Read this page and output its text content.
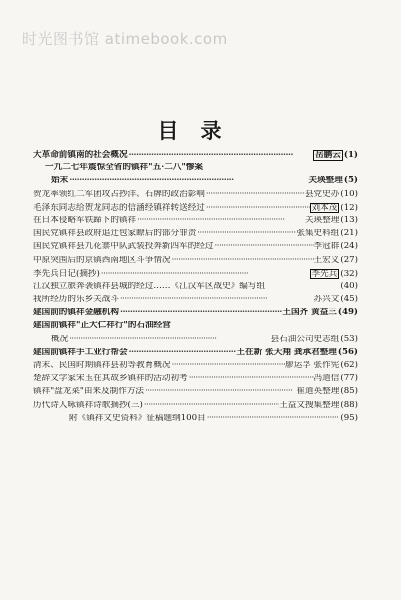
时光图书馆 atimebook.com
目录
大革命前镇南的社会概况 ·····	岳鹏云 (1)
一九二七年震惊全省的镇祥"五·二八"惨案
始末 ·····	关瑛整理 (5)
贺龙率领红二军团攻占抄洋、石牌的政治影响 ·····	县党史办 (10)
毛泽东同志给贺龙同志的信涵经镇祥转送经过 ·····	刘本茂 (12)
在日本侵略军铁蹄下的镇祥 ·····	关瑛整理 (13)
国民党镇祥县政府追迁包家瞭后的部分罪责 ·····	张集史料组 (21)
国民党镇祥县九花寨中队武装投奔新四军的经过 ·····	李冠群 (24)
中原突围后的京镇西南地区斗争情况 ·····	王宏义 (27)
李先兵日记(摘抄) ·····	李先兵 (32)
江汉独立旅奔袭镇祥县城的经过……《江汉军区战史》编写组	(40)
我所经历的乐乡关战斗 ·····	苏兴文 (45)
建国前的镇祥金融机构 ·····	王国齐 黄益三 (49)
建国前镇祥"正大仁祥行"的石油经营
概况 ·····	县石油公司史志组 (53)
建国前镇祥手工业行帮会 ·····	王在新 张天翔 龚承君整理 (56)
清末、民国时期镇祥县初等教育概况 ·····	廖运孚 张作宪 (62)
楚辞文学家宋玉在其故乡镇祥的活动初考 ·····	冯道信 (77)
镇祥"盘龙菜"由来及制作方法 ·····	崔道英整理 (85)
历代诗人咏镇祥诗歌摘抄(三) ·····	王益文搜集整理 (88)
附《镇祥文史资料》征稿题纲100目 ·····	(95)
